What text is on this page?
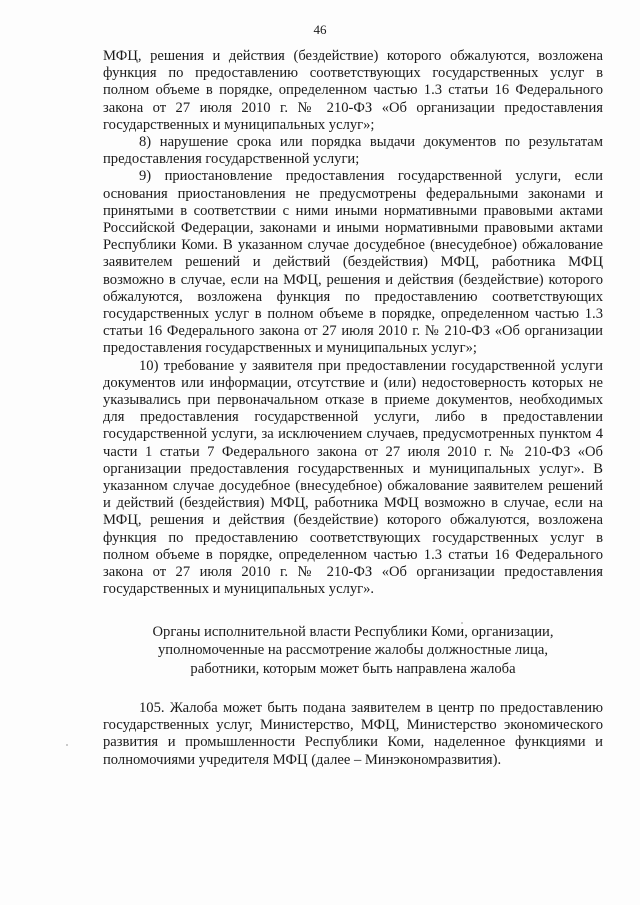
46

МФЦ, решения и действия (бездействие) которого обжалуются, возложена функция по предоставлению соответствующих государственных услуг в полном объеме в порядке, определенном частью 1.3 статьи 16 Федерального закона от 27 июля 2010 г. № 210-ФЗ «Об организации предоставления государственных и муниципальных услуг»;

8) нарушение срока или порядка выдачи документов по результатам предоставления государственной услуги;

9) приостановление предоставления государственной услуги, если основания приостановления не предусмотрены федеральными законами и принятыми в соответствии с ними иными нормативными правовыми актами Российской Федерации, законами и иными нормативными правовыми актами Республики Коми. В указанном случае досудебное (внесудебное) обжалование заявителем решений и действий (бездействия) МФЦ, работника МФЦ возможно в случае, если на МФЦ, решения и действия (бездействие) которого обжалуются, возложена функция по предоставлению соответствующих государственных услуг в полном объеме в порядке, определенном частью 1.3 статьи 16 Федерального закона от 27 июля 2010 г. № 210-ФЗ «Об организации предоставления государственных и муниципальных услуг»;

10) требование у заявителя при предоставлении государственной услуги документов или информации, отсутствие и (или) недостоверность которых не указывались при первоначальном отказе в приеме документов, необходимых для предоставления государственной услуги, либо в предоставлении государственной услуги, за исключением случаев, предусмотренных пунктом 4 части 1 статьи 7 Федерального закона от 27 июля 2010 г. № 210-ФЗ «Об организации предоставления государственных и муниципальных услуг». В указанном случае досудебное (внесудебное) обжалование заявителем решений и действий (бездействия) МФЦ, работника МФЦ возможно в случае, если на МФЦ, решения и действия (бездействие) которого обжалуются, возложена функция по предоставлению соответствующих государственных услуг в полном объеме в порядке, определенном частью 1.3 статьи 16 Федерального закона от 27 июля 2010 г. № 210-ФЗ «Об организации предоставления государственных и муниципальных услуг».

Органы исполнительной власти Республики Коми, организации,
уполномоченные на рассмотрение жалобы должностные лица,
работники, которым может быть направлена жалоба

105. Жалоба может быть подана заявителем в центр по предоставлению государственных услуг, Министерство, МФЦ, Министерство экономического развития и промышленности Республики Коми, наделенное функциями и полномочиями учредителя МФЦ (далее – Минэкономразвития).
